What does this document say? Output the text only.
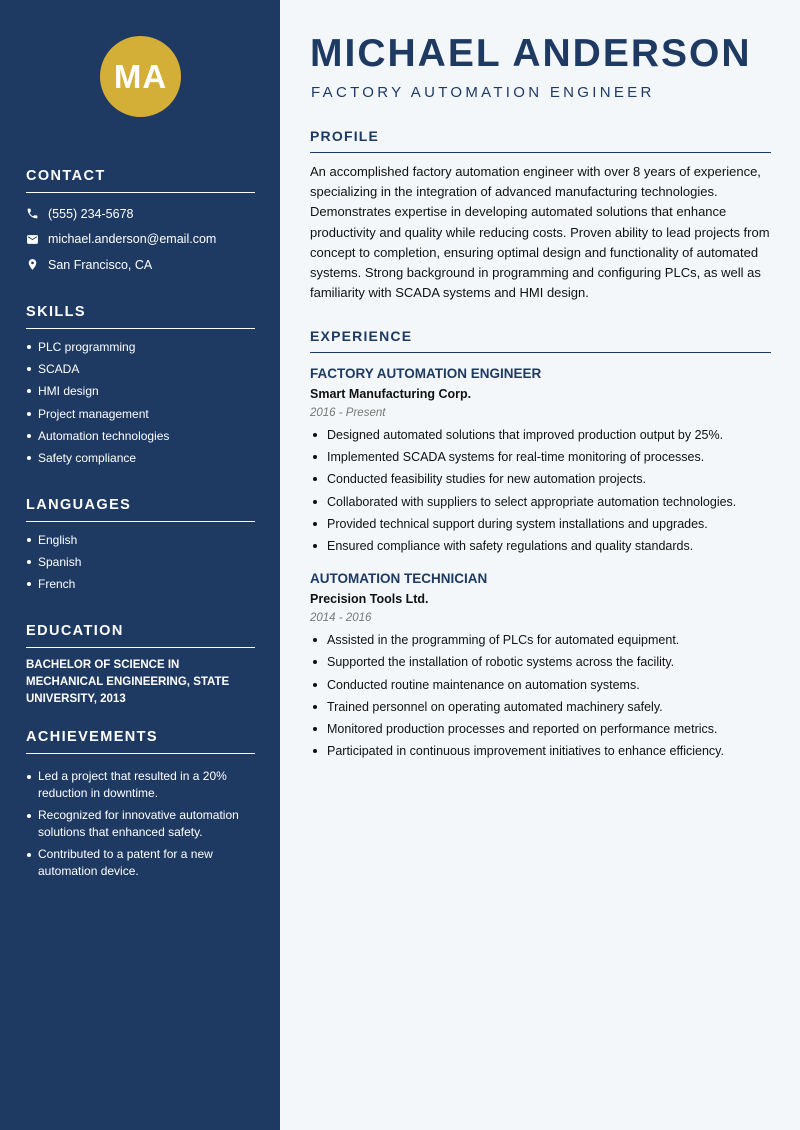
MA
CONTACT
(555) 234-5678
michael.anderson@email.com
San Francisco, CA
SKILLS
PLC programming
SCADA
HMI design
Project management
Automation technologies
Safety compliance
LANGUAGES
English
Spanish
French
EDUCATION
BACHELOR OF SCIENCE IN MECHANICAL ENGINEERING, STATE UNIVERSITY, 2013
ACHIEVEMENTS
Led a project that resulted in a 20% reduction in downtime.
Recognized for innovative automation solutions that enhanced safety.
Contributed to a patent for a new automation device.
MICHAEL ANDERSON
FACTORY AUTOMATION ENGINEER
PROFILE

An accomplished factory automation engineer with over 8 years of experience, specializing in the integration of advanced manufacturing technologies. Demonstrates expertise in developing automated solutions that enhance productivity and quality while reducing costs. Proven ability to lead projects from concept to completion, ensuring optimal design and functionality of automated systems. Strong background in programming and configuring PLCs, as well as familiarity with SCADA systems and HMI design.

EXPERIENCE
FACTORY AUTOMATION ENGINEER
Smart Manufacturing Corp.
2016 - Present
Designed automated solutions that improved production output by 25%.
Implemented SCADA systems for real-time monitoring of processes.
Conducted feasibility studies for new automation projects.
Collaborated with suppliers to select appropriate automation technologies.
Provided technical support during system installations and upgrades.
Ensured compliance with safety regulations and quality standards.
AUTOMATION TECHNICIAN
Precision Tools Ltd.
2014 - 2016
Assisted in the programming of PLCs for automated equipment.
Supported the installation of robotic systems across the facility.
Conducted routine maintenance on automation systems.
Trained personnel on operating automated machinery safely.
Monitored production processes and reported on performance metrics.
Participated in continuous improvement initiatives to enhance efficiency.
